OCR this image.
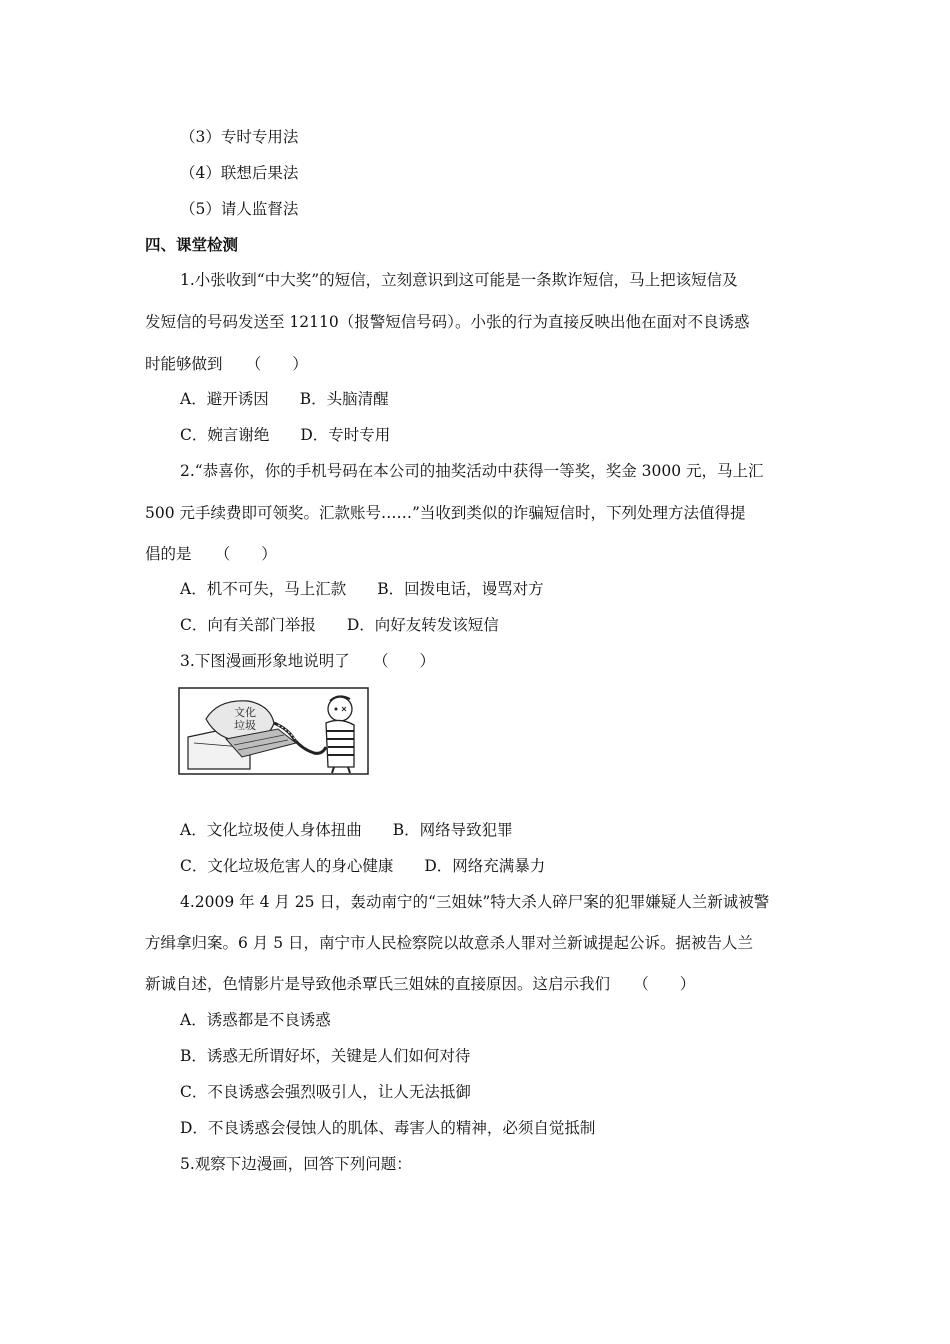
（3）专时专用法
（4）联想后果法
（5）请人监督法
四、课堂检测
1.小张收到“中大奖”的短信，立刻意识到这可能是一条欺诈短信，马上把该短信及
发短信的号码发送至 12110（报警短信号码）。小张的行为直接反映出他在面对不良诱惑
时能够做到　　（　　）
A．避开诱因　　B．头脑清醒
C．婉言谢绝　　D．专时专用
2.“恭喜你，你的手机号码在本公司的抽奖活动中获得一等奖，奖金 3000 元，马上汇
500 元手续费即可领奖。汇款账号……”当收到类似的诈骗短信时，下列处理方法值得提
倡的是　　（　　）
A．机不可失，马上汇款　　B．回拨电话，谩骂对方
C．向有关部门举报　　D．向好友转发该短信
3.下图漫画形象地说明了　　（　　）
文化
垃圾
A．文化垃圾使人身体扭曲　　B．网络导致犯罪
C．文化垃圾危害人的身心健康　　D．网络充满暴力
4.2009 年 4 月 25 日，轰动南宁的“三姐妹”特大杀人碎尸案的犯罪嫌疑人兰新诚被警
方缉拿归案。6 月 5 日，南宁市人民检察院以故意杀人罪对兰新诚提起公诉。据被告人兰
新诚自述，色情影片是导致他杀覃氏三姐妹的直接原因。这启示我们　　（　　）
A．诱惑都是不良诱惑
B．诱惑无所谓好坏，关键是人们如何对待
C．不良诱惑会强烈吸引人，让人无法抵御
D．不良诱惑会侵蚀人的肌体、毒害人的精神，必须自觉抵制
5.观察下边漫画，回答下列问题：
